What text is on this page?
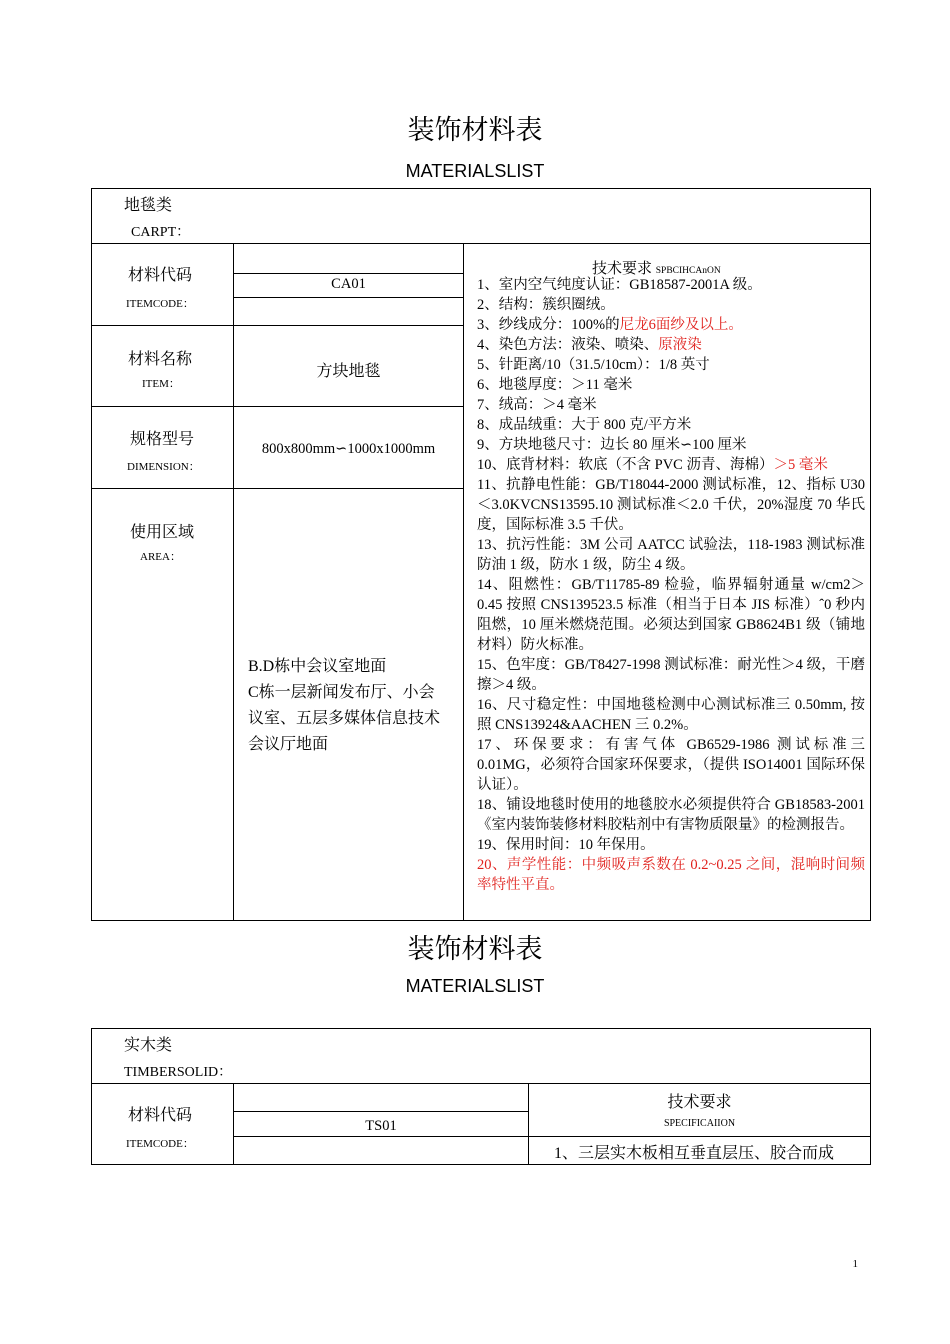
装饰材料表
MATERIALSLIST
地毯类
CARPT：
材料代码
ITEMCODE：
CA01
技术要求 SPBCIHCAnON
材料名称
ITEM：
方块地毯
规格型号
DIMENSION：
800x800mm∽1000x1000mm
使用区域
AREA：
B.D栋中会议室地面
C栋一层新闻发布厅、小会
议室、五层多媒体信息技术
会议厅地面
1、室内空气纯度认证：GB18587-2001A 级。
2、结构：簇织圈绒。
3、纱线成分：100%的尼龙6面纱及以上。
4、染色方法：液染、喷染、原液染
5、针距离/10（31.5/10cm）：1/8 英寸
6、地毯厚度：＞11 毫米
7、绒高：＞4 毫米
8、成品绒重：大于 800 克/平方米
9、方块地毯尺寸：边长 80 厘米∽100 厘米
10、底背材料：软底（不含 PVC 沥青、海棉）＞5 毫米
11、抗静电性能：GB/T18044-2000 测试标准，12、指标 U30＜3.0KVCNS13595.10 测试标准＜2.0 千伏，20%湿度 70 华氏度，国际标准 3.5 千伏。
13、抗污性能：3M 公司 AATCC 试验法，118-1983 测试标准防油 1 级，防水 1 级，防尘 4 级。
14、阻燃性：GB/T11785-89 检验，临界辐射通量 w/cm2＞0.45 按照 CNS139523.5 标准（相当于日本 JIS 标准）ˆ0 秒内阻燃，10 厘米燃烧范围。必须达到国家 GB8624B1 级（铺地材料）防火标准。
15、色牢度：GB/T8427-1998 测试标准：耐光性＞4 级，干磨擦＞4 级。
16、尺寸稳定性：中国地毯检测中心测试标准三 0.50mm, 按照 CNS13924&AACHEN 三 0.2%。
17、环保要求：有害气体 GB6529-1986 测试标准三 0.01MG，必须符合国家环保要求，（提供 ISO14001 国际环保认证）。
18、铺设地毯时使用的地毯胶水必须提供符合 GB18583-2001《室内装饰装修材料胶粘剂中有害物质限量》的检测报告。
19、保用时间：10 年保用。
20、声学性能：中频吸声系数在 0.2~0.25 之间，混响时间频率特性平直。
装饰材料表
MATERIALSLIST
实木类
TIMBERSOLID：
材料代码
ITEMCODE：
TS01
技术要求
SPECIFICAIION
1、三层实木板相互垂直层压、胶合而成
1
